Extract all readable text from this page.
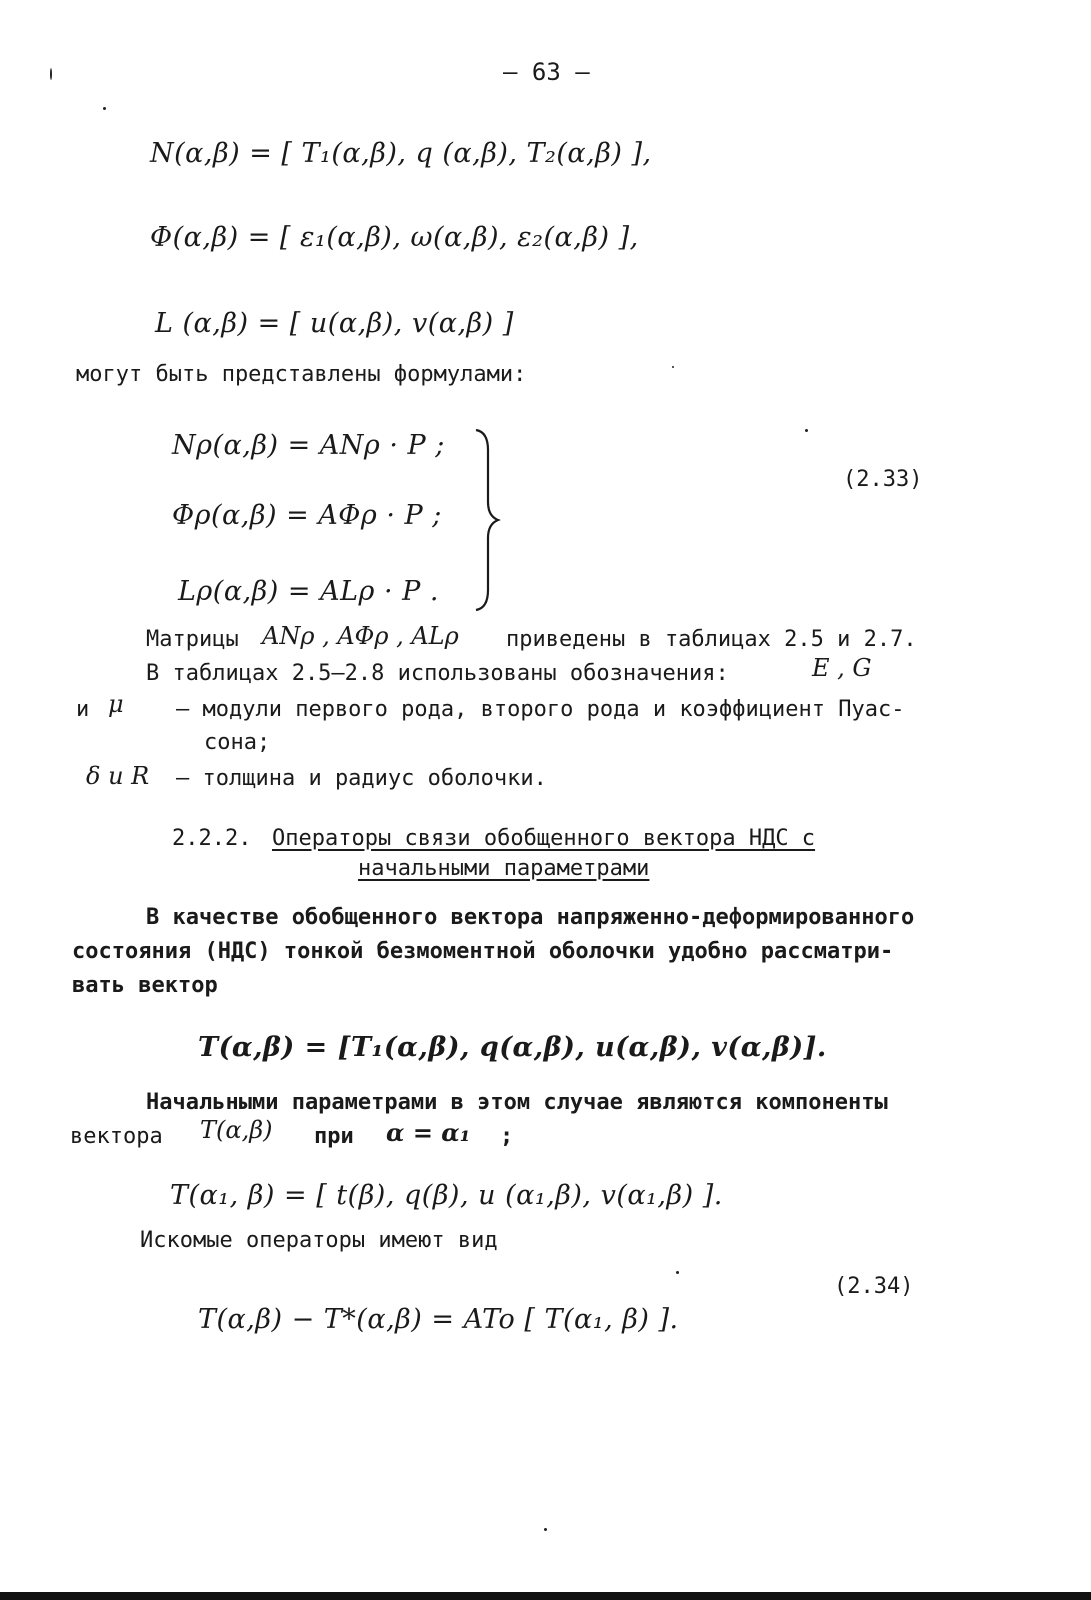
– 63 –
N(α,β) = [ T₁(α,β), q (α,β), T₂(α,β) ],
Φ(α,β) = [ ε₁(α,β), ω(α,β), ε₂(α,β) ],
L (α,β) = [ u(α,β), v(α,β) ]
могут быть представлены формулами:
Nρ(α,β) = ANρ · P ;
Φρ(α,β) = AΦρ · P ;
Lρ(α,β) = ALρ · P .
(2.33)
Матрицы ANρ , AΦρ , ALρ приведены в таблицах 2.5 и 2.7.
В таблицах 2.5–2.8 использованы обозначения:	E , G
и μ – модули первого рода, второго рода и коэффициент Пуас-
сона;
δ и R – толщина и радиус оболочки.
2.2.2. Операторы связи обобщенного вектора НДС с
начальными параметрами
В качестве обобщенного вектора напряженно-деформированного
состояния (НДС) тонкой безмоментной оболочки удобно рассматри-
вать вектор
T(α,β) = [T₁(α,β), q(α,β), u(α,β), v(α,β)].
Начальными параметрами в этом случае являются компоненты
вектора T(α,β) при α = α₁ ;
T(α₁, β) = [ t(β), q(β), u (α₁,β), v(α₁,β) ].
Искомые операторы имеют вид
(2.34)
T(α,β) − T*(α,β) = ATo [ T(α₁, β) ].
